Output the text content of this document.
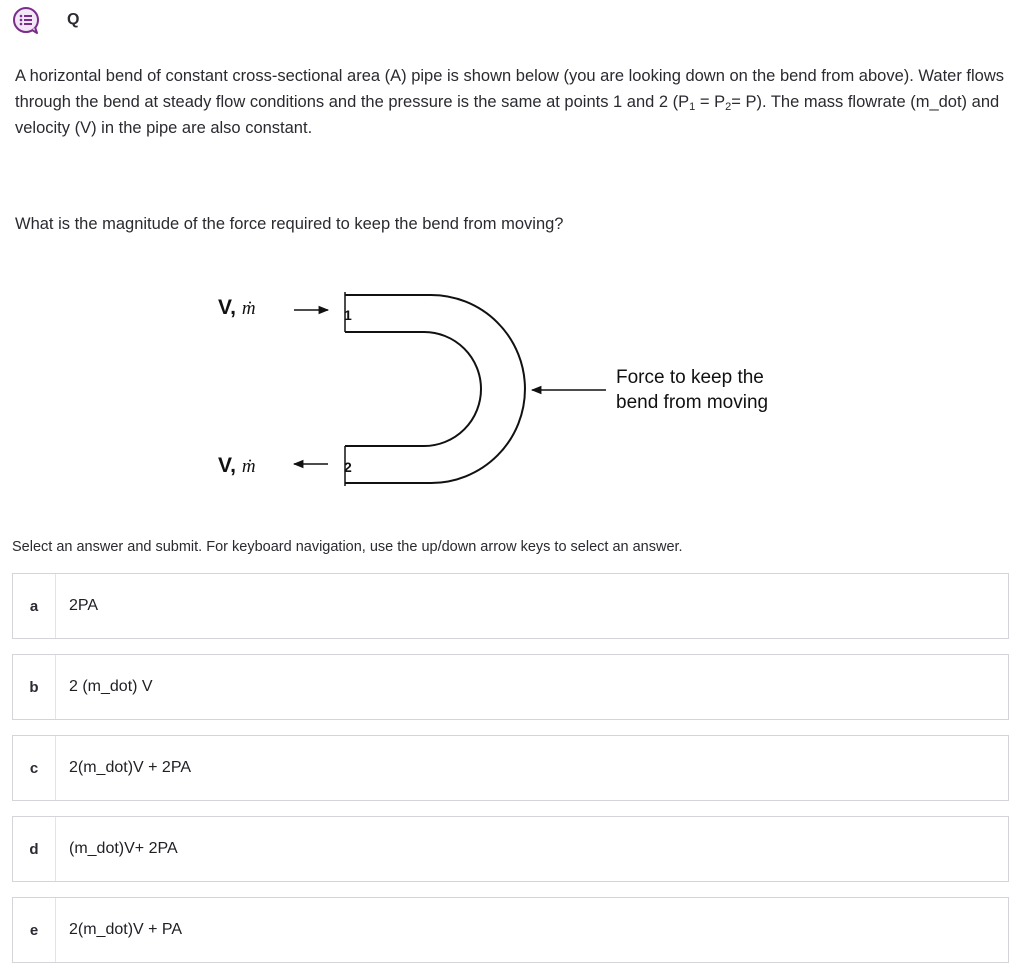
Q
A horizontal bend of constant cross-sectional area (A) pipe is shown below (you are looking down on the bend from above). Water flows through the bend at steady flow conditions and the pressure is the same at points 1 and 2 $(P_1 = P_2= P)$. The mass flowrate (m_dot) and velocity (V) in the pipe are also constant.
What is the magnitude of the force required to keep the bend from moving?
V, ṁ
V, ṁ
1
2
Force to keep the
bend from moving
Select an answer and submit. For keyboard navigation, use the up/down arrow keys to select an answer.
a	2PA
b	2 (m_dot) V
c	2(m_dot)V + 2PA
d	(m_dot)V+ 2PA
e	2(m_dot)V + PA
